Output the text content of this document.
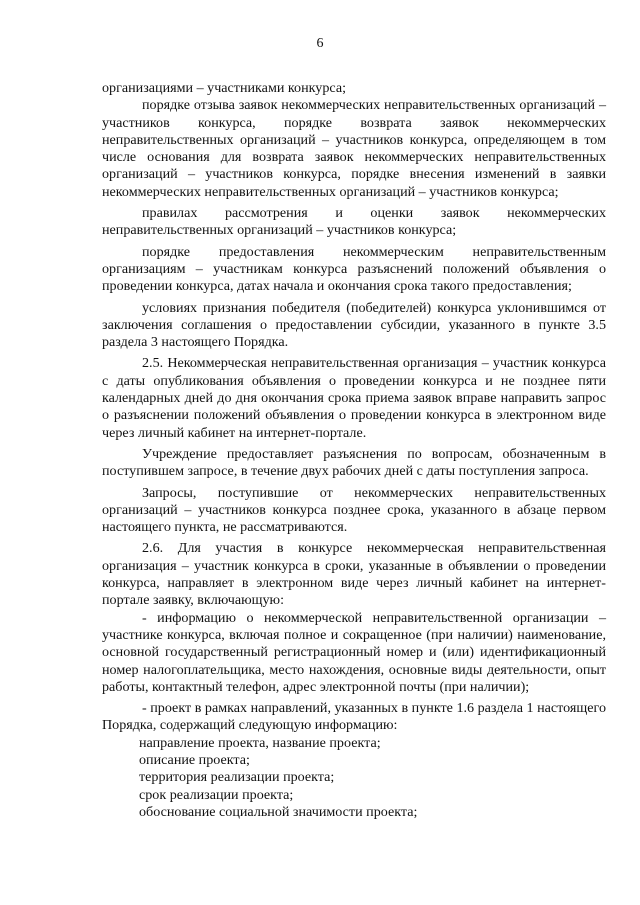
6

организациями – участниками конкурса;

порядке отзыва заявок некоммерческих неправительственных организаций – участников конкурса, порядке возврата заявок некоммерческих неправительственных организаций – участников конкурса, определяющем в том числе основания для возврата заявок некоммерческих неправительственных организаций – участников конкурса, порядке внесения изменений в заявки некоммерческих неправительственных организаций – участников конкурса;

правилах рассмотрения и оценки заявок некоммерческих неправительственных организаций – участников конкурса;

порядке предоставления некоммерческим неправительственным организациям – участникам конкурса разъяснений положений объявления о проведении конкурса, датах начала и окончания срока такого предоставления;

условиях признания победителя (победителей) конкурса уклонившимся от заключения соглашения о предоставлении субсидии, указанного в пункте 3.5 раздела 3 настоящего Порядка.

2.5. Некоммерческая неправительственная организация – участник конкурса с даты опубликования объявления о проведении конкурса и не позднее пяти календарных дней до дня окончания срока приема заявок вправе направить запрос о разъяснении положений объявления о проведении конкурса в электронном виде через личный кабинет на интернет-портале.

Учреждение предоставляет разъяснения по вопросам, обозначенным в поступившем запросе, в течение двух рабочих дней с даты поступления запроса.

Запросы, поступившие от некоммерческих неправительственных организаций – участников конкурса позднее срока, указанного в абзаце первом настоящего пункта, не рассматриваются.

2.6. Для участия в конкурсе некоммерческая неправительственная организация – участник конкурса в сроки, указанные в объявлении о проведении конкурса, направляет в электронном виде через личный кабинет на интернет-портале заявку, включающую:

- информацию о некоммерческой неправительственной организации – участнике конкурса, включая полное и сокращенное (при наличии) наименование, основной государственный регистрационный номер и (или) идентификационный номер налогоплательщика, место нахождения, основные виды деятельности, опыт работы, контактный телефон, адрес электронной почты (при наличии);

- проект в рамках направлений, указанных в пункте 1.6 раздела 1 настоящего Порядка, содержащий следующую информацию:

направление проекта, название проекта;

описание проекта;

территория реализации проекта;

срок реализации проекта;

обоснование социальной значимости проекта;
